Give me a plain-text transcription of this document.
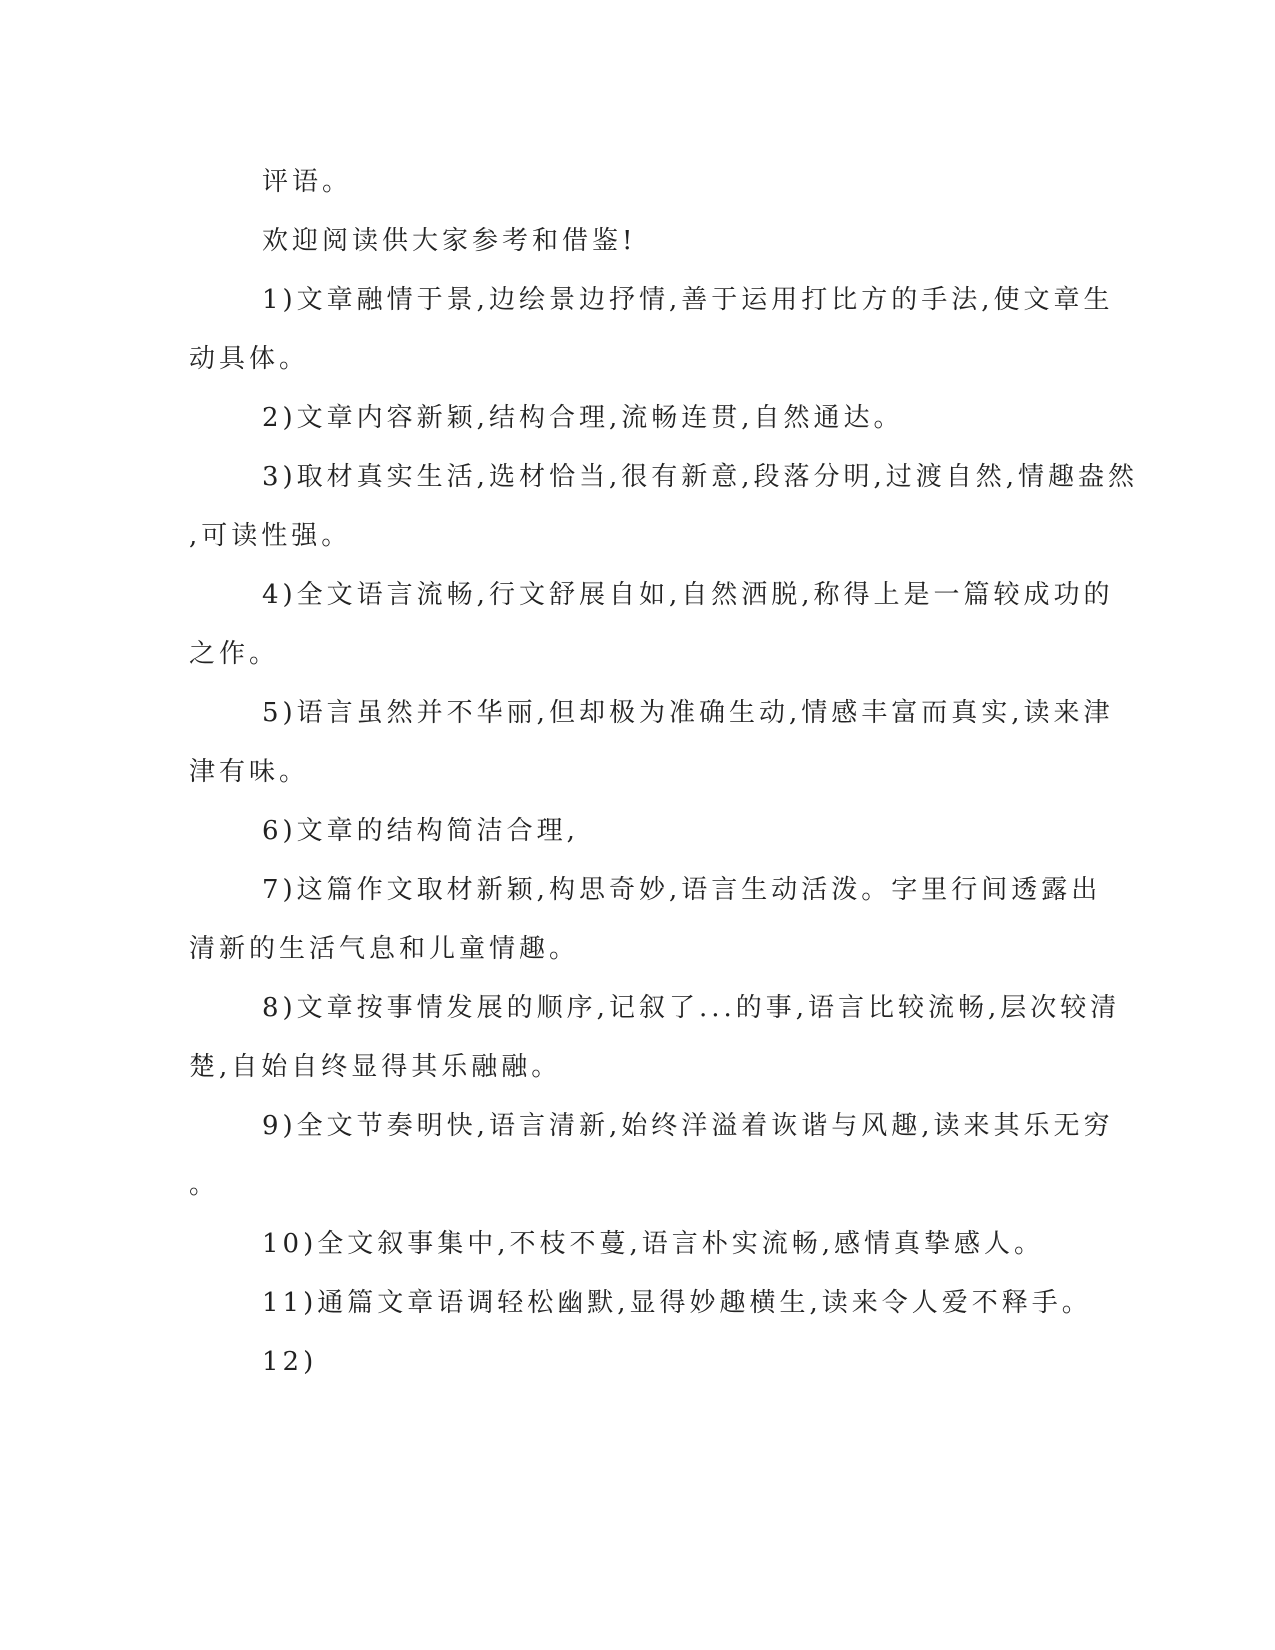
评语。
欢迎阅读供大家参考和借鉴!
1)文章融情于景,边绘景边抒情,善于运用打比方的手法,使文章生
动具体。
2)文章内容新颖,结构合理,流畅连贯,自然通达。
3)取材真实生活,选材恰当,很有新意,段落分明,过渡自然,情趣盎然
,可读性强。
4)全文语言流畅,行文舒展自如,自然洒脱,称得上是一篇较成功的
之作。
5)语言虽然并不华丽,但却极为准确生动,情感丰富而真实,读来津
津有味。
6)文章的结构简洁合理,
7)这篇作文取材新颖,构思奇妙,语言生动活泼。字里行间透露出
清新的生活气息和儿童情趣。
8)文章按事情发展的顺序,记叙了...的事,语言比较流畅,层次较清
楚,自始自终显得其乐融融。
9)全文节奏明快,语言清新,始终洋溢着诙谐与风趣,读来其乐无穷
。
10)全文叙事集中,不枝不蔓,语言朴实流畅,感情真挚感人。
11)通篇文章语调轻松幽默,显得妙趣横生,读来令人爱不释手。
12)
